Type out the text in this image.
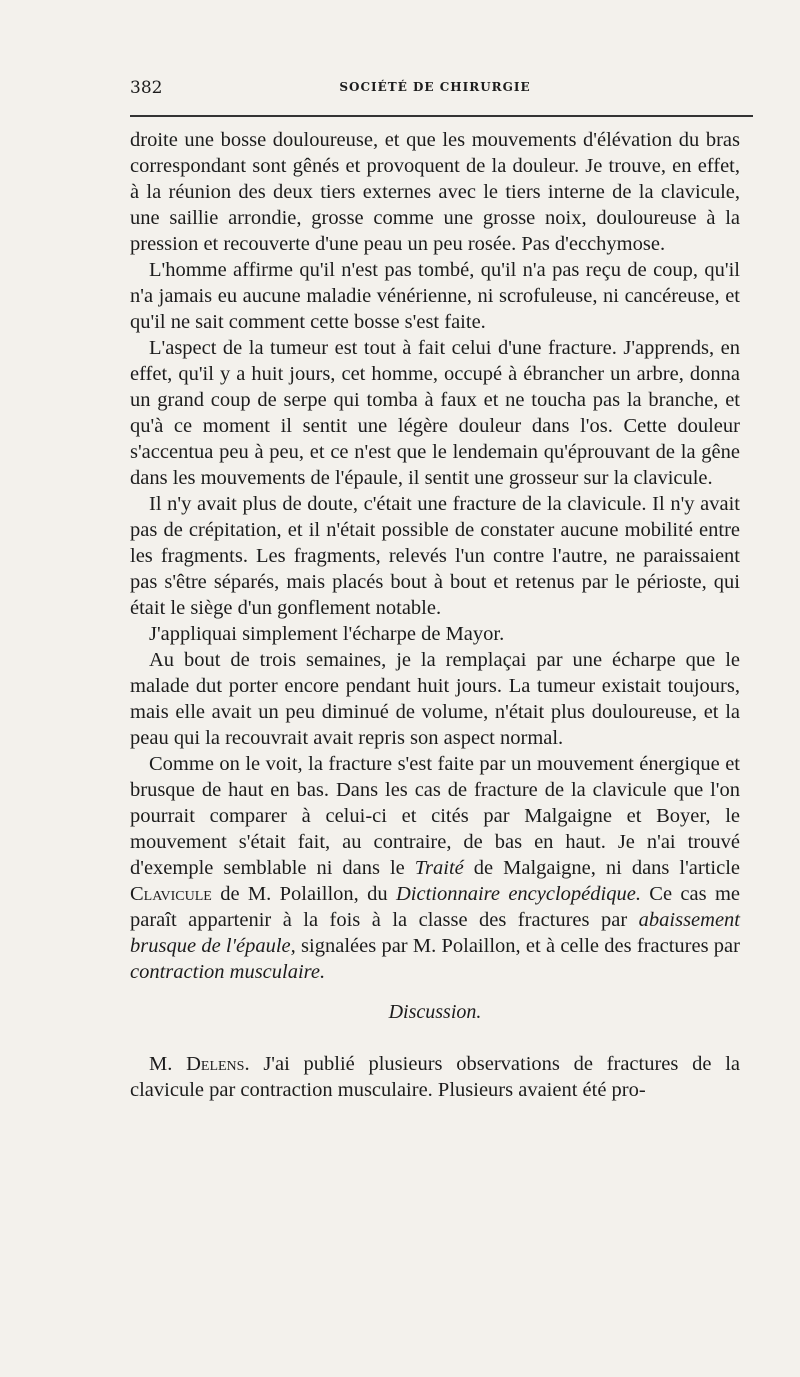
382	SOCIÉTÉ DE CHIRURGIE

droite une bosse douloureuse, et que les mouvements d'élévation du bras correspondant sont gênés et provoquent de la douleur. Je trouve, en effet, à la réunion des deux tiers externes avec le tiers interne de la clavicule, une saillie arrondie, grosse comme une grosse noix, douloureuse à la pression et recouverte d'une peau un peu rosée. Pas d'ecchymose.

L'homme affirme qu'il n'est pas tombé, qu'il n'a pas reçu de coup, qu'il n'a jamais eu aucune maladie vénérienne, ni scrofuleuse, ni cancéreuse, et qu'il ne sait comment cette bosse s'est faite.

L'aspect de la tumeur est tout à fait celui d'une fracture. J'apprends, en effet, qu'il y a huit jours, cet homme, occupé à ébrancher un arbre, donna un grand coup de serpe qui tomba à faux et ne toucha pas la branche, et qu'à ce moment il sentit une légère douleur dans l'os. Cette douleur s'accentua peu à peu, et ce n'est que le lendemain qu'éprouvant de la gêne dans les mouvements de l'épaule, il sentit une grosseur sur la clavicule.

Il n'y avait plus de doute, c'était une fracture de la clavicule. Il n'y avait pas de crépitation, et il n'était possible de constater aucune mobilité entre les fragments. Les fragments, relevés l'un contre l'autre, ne paraissaient pas s'être séparés, mais placés bout à bout et retenus par le périoste, qui était le siège d'un gonflement notable.

J'appliquai simplement l'écharpe de Mayor.

Au bout de trois semaines, je la remplaçai par une écharpe que le malade dut porter encore pendant huit jours. La tumeur existait toujours, mais elle avait un peu diminué de volume, n'était plus douloureuse, et la peau qui la recouvrait avait repris son aspect normal.

Comme on le voit, la fracture s'est faite par un mouvement énergique et brusque de haut en bas. Dans les cas de fracture de la clavicule que l'on pourrait comparer à celui-ci et cités par Malgaigne et Boyer, le mouvement s'était fait, au contraire, de bas en haut. Je n'ai trouvé d'exemple semblable ni dans le Traité de Malgaigne, ni dans l'article Clavicule de M. Polaillon, du Dictionnaire encyclopédique. Ce cas me paraît appartenir à la fois à la classe des fractures par abaissement brusque de l'épaule, signalées par M. Polaillon, et à celle des fractures par contraction musculaire.

Discussion.

M. Delens. J'ai publié plusieurs observations de fractures de la clavicule par contraction musculaire. Plusieurs avaient été pro-
